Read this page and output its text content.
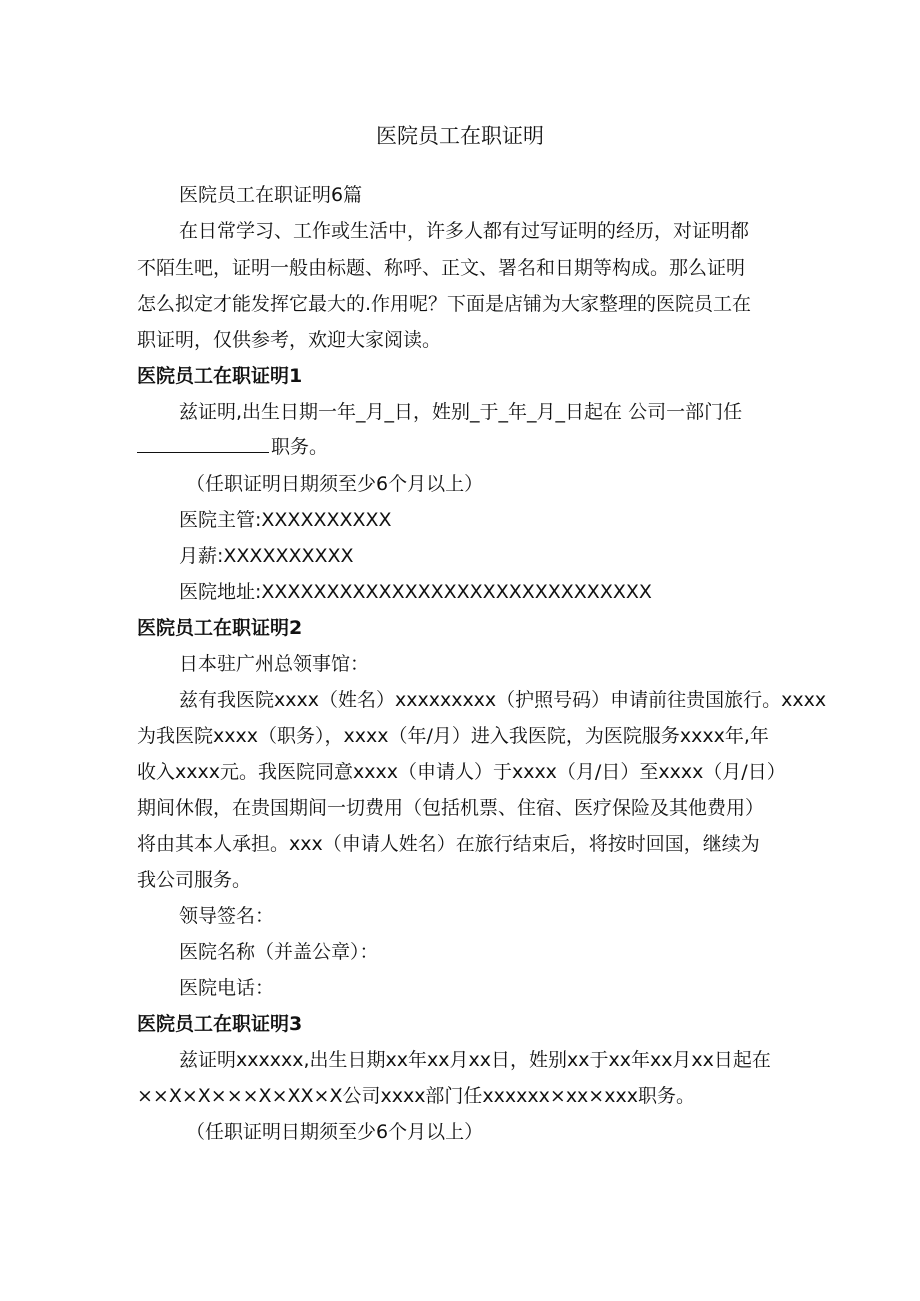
医院员工在职证明
医院员工在职证明6篇
在日常学习、工作或生活中，许多人都有过写证明的经历，对证明都
不陌生吧，证明一般由标题、称呼、正文、署名和日期等构成。那么证明
怎么拟定才能发挥它最大的.作用呢？下面是店铺为大家整理的医院员工在
职证明，仅供参考，欢迎大家阅读。
医院员工在职证明1
兹证明,出生日期一年_月_日，姓别_于_年_月_日起在 公司一部门任
职务。
（任职证明日期须至少6个月以上）
医院主管:XXXXXXXXXX
月薪:XXXXXXXXXX
医院地址:XXXXXXXXXXXXXXXXXXXXXXXXXXXXXX
医院员工在职证明2
日本驻广州总领事馆：
兹有我医院xxxx（姓名）xxxxxxxxx（护照号码）申请前往贵国旅行。xxxx
为我医院xxxx（职务），xxxx（年/月）进入我医院，为医院服务xxxx年,年
收入xxxx元。我医院同意xxxx（申请人）于xxxx（月/日）至xxxx（月/日）
期间休假，在贵国期间一切费用（包括机票、住宿、医疗保险及其他费用）
将由其本人承担。xxx（申请人姓名）在旅行结束后，将按时回国，继续为
我公司服务。
领导签名：
医院名称（并盖公章）：
医院电话：
医院员工在职证明3
兹证明xxxxxx,出生日期xx年xx月xx日，姓别xx于xx年xx月xx日起在
××X×X×××X×XX×X公司xxxx部门任xxxxxx×xx×xxx职务。
（任职证明日期须至少6个月以上）
